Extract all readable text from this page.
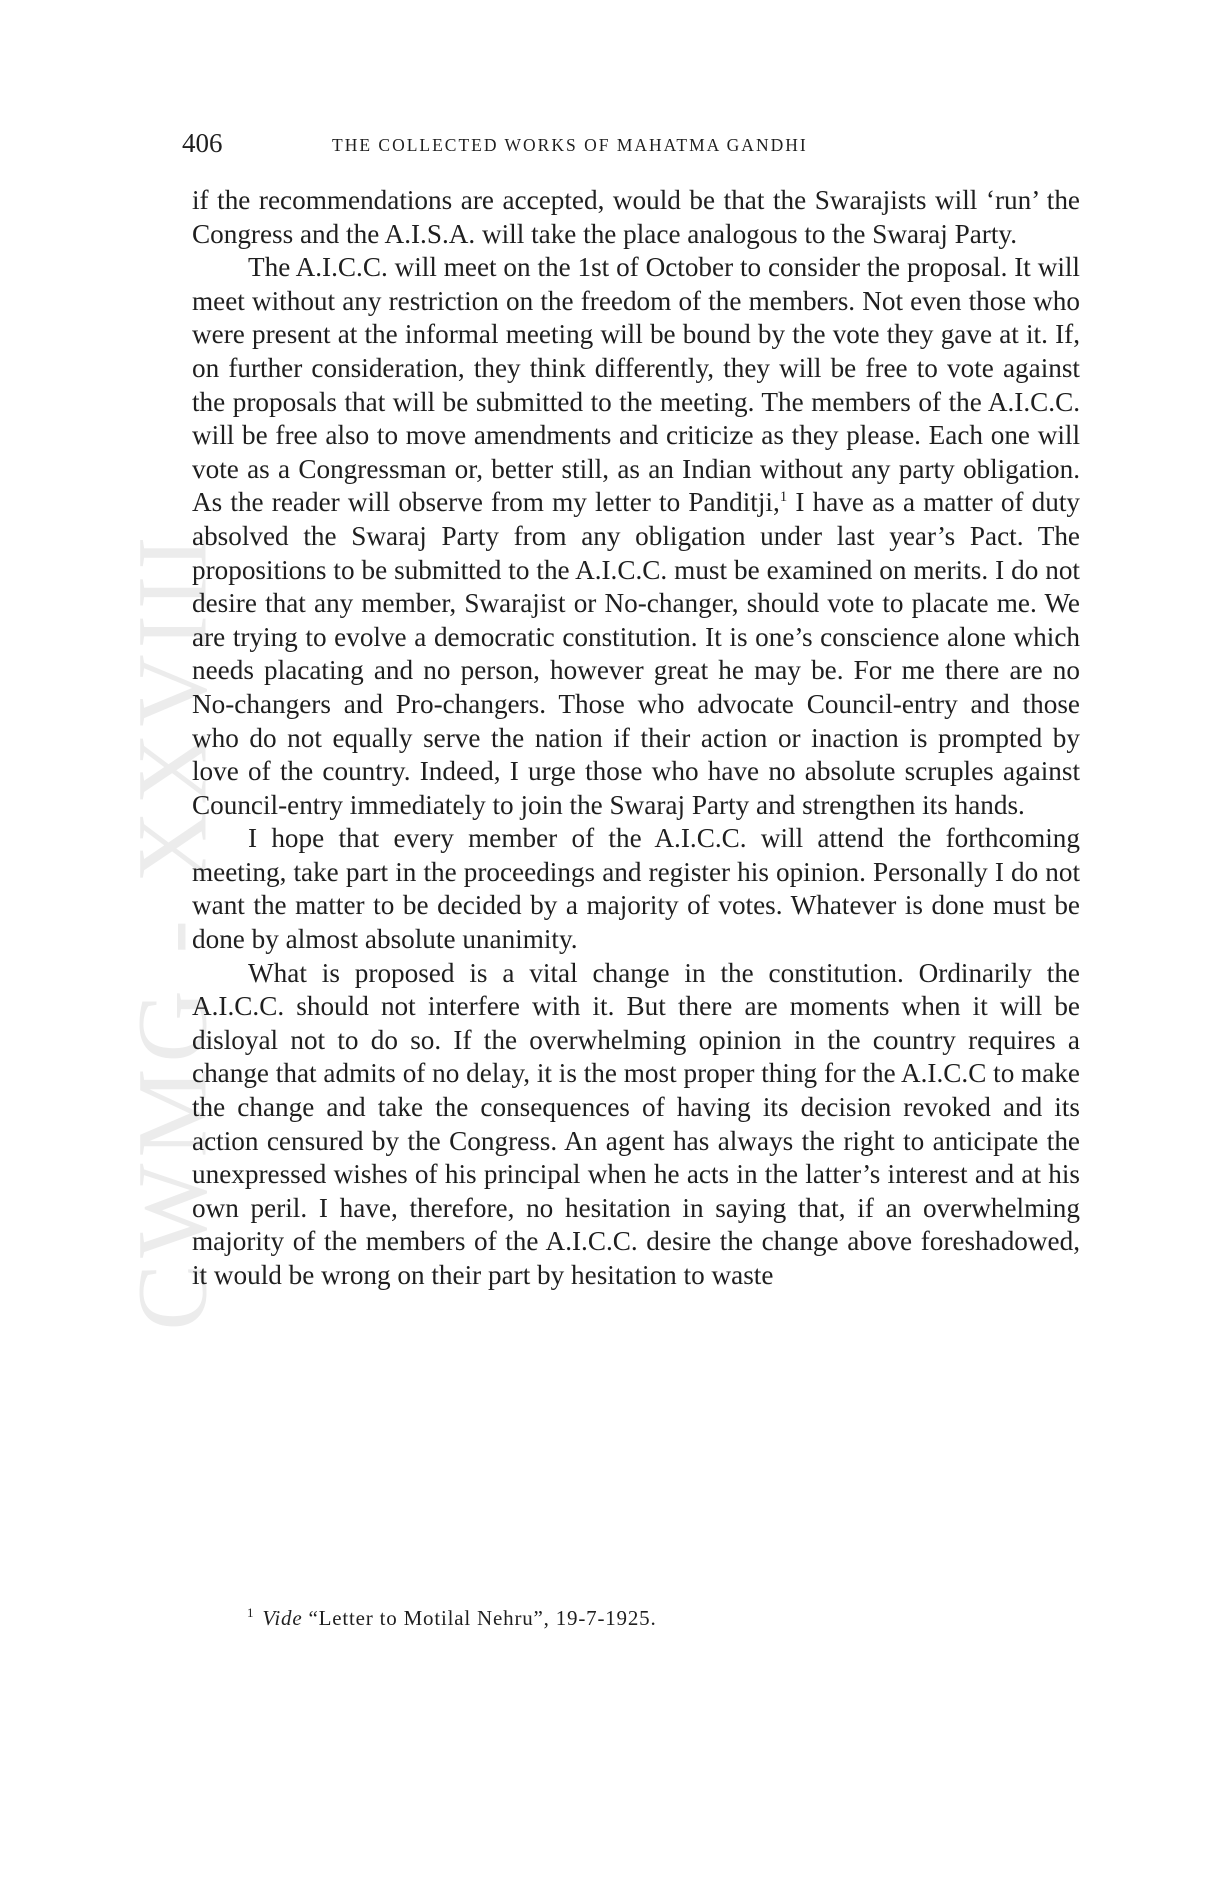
CWMG - XXVIII
406	THE COLLECTED WORKS OF MAHATMA GANDHI

if the recommendations are accepted, would be that the Swarajists will ‘run’ the Congress and the A.I.S.A. will take the place analogous to the Swaraj Party.

The A.I.C.C. will meet on the 1st of October to consider the proposal. It will meet without any restriction on the freedom of the members. Not even those who were present at the informal meeting will be bound by the vote they gave at it. If, on further consideration, they think differently, they will be free to vote against the proposals that will be submitted to the meeting. The members of the A.I.C.C. will be free also to move amendments and criticize as they please. Each one will vote as a Congressman or, better still, as an Indian without any party obligation. As the reader will observe from my letter to Panditji,$^1$ I have as a matter of duty absolved the Swaraj Party from any obligation under last year’s Pact. The propositions to be submitted to the A.I.C.C. must be examined on merits. I do not desire that any member, Swarajist or No-changer, should vote to placate me. We are trying to evolve a democratic constitution. It is one’s conscience alone which needs placating and no person, however great he may be. For me there are no No-changers and Pro-changers. Those who advocate Council-entry and those who do not equally serve the nation if their action or inaction is prompted by love of the country. Indeed, I urge those who have no absolute scruples against Council-entry immediately to join the Swaraj Party and strengthen its hands.

I hope that every member of the A.I.C.C. will attend the forthcoming meeting, take part in the proceedings and register his opinion. Personally I do not want the matter to be decided by a majority of votes. Whatever is done must be done by almost absolute unanimity.

What is proposed is a vital change in the constitution. Ordinarily the A.I.C.C. should not interfere with it. But there are moments when it will be disloyal not to do so. If the overwhelming opinion in the country requires a change that admits of no delay, it is the most proper thing for the A.I.C.C to make the change and take the consequences of having its decision revoked and its action censured by the Congress. An agent has always the right to anticipate the unexpressed wishes of his principal when he acts in the latter’s interest and at his own peril. I have, therefore, no hesitation in saying that, if an overwhelming majority of the members of the A.I.C.C. desire the change above foreshadowed, it would be wrong on their part by hesitation to waste

$^1$ Vide “Letter to Motilal Nehru”, 19-7-1925.
